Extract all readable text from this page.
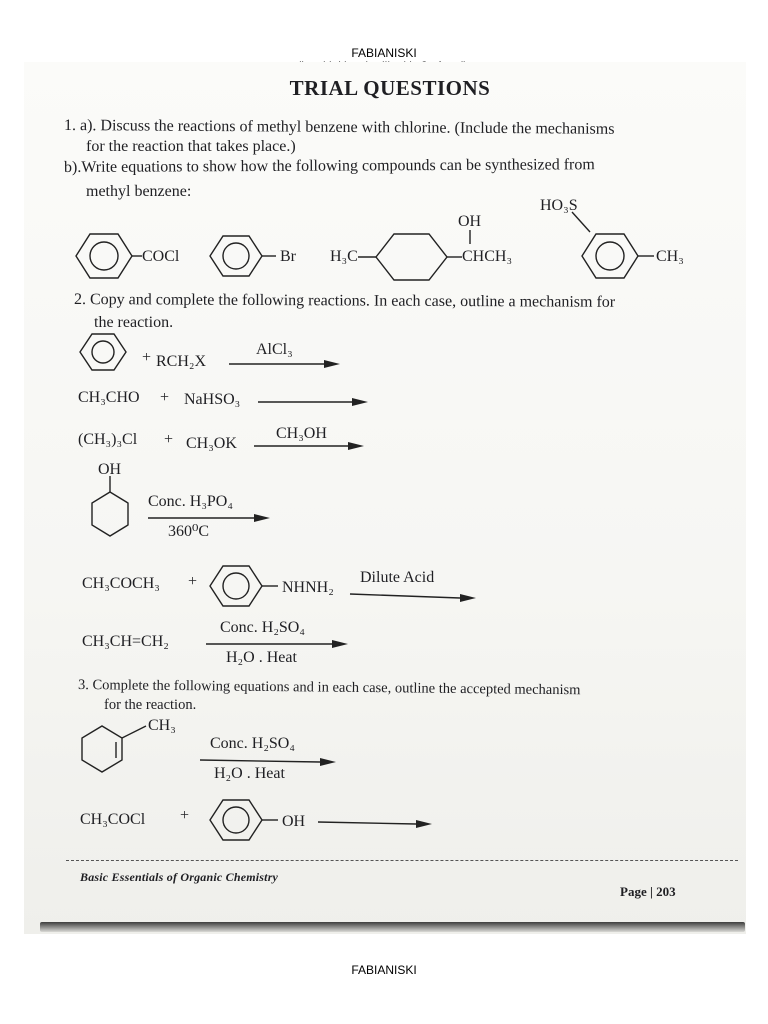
FABIANISKI
TRIAL QUESTIONS
1. a). Discuss the reactions of methyl benzene with chlorine. (Include the mechanisms
for the reaction that takes place.)
b).Write equations to show how the following compounds can be synthesized from
methyl benzene:
COCl	Br H₃C
OH
CHCH₃
HO₃S
CH₃
2. Copy and complete the following reactions. In each case, outline a mechanism for
the reaction.
+ RCH₂X
AlCl₃
CH₃CHO + NaHSO₃
(CH₃)₃Cl + CH₃OK
CH₃OH
OH
Conc. H₃PO₄
360⁰C
CH₃COCH₃ +	NHNH₂
Dilute Acid
CH₃CH=CH₂
Conc. H₂SO₄
H₂O . Heat
3. Complete the following equations and in each case, outline the accepted mechanism
for the reaction.
CH₃
Conc. H₂SO₄
H₂O . Heat
CH₃COCl +	OH
Basic Essentials of Organic Chemistry
Page | 203
FABIANISKI
